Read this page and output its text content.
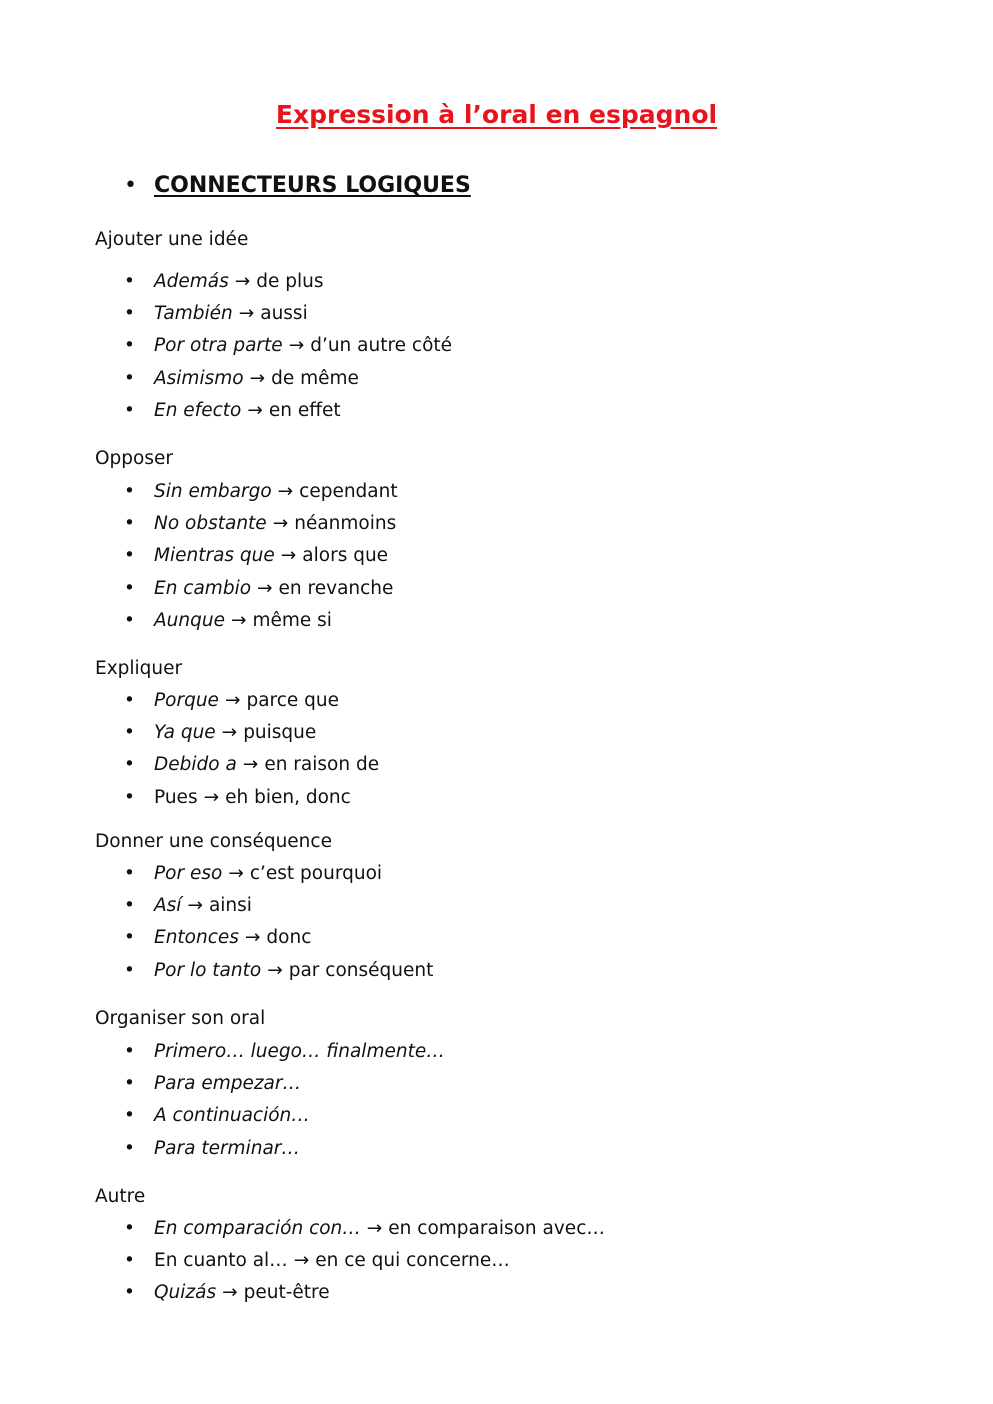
Expression à l’oral en espagnol
• CONNECTEURS LOGIQUES
Ajouter une idée
•	Además → de plus
•	También → aussi
•	Por otra parte → d’un autre côté
•	Asimismo → de même
•	En efecto → en effet
Opposer
•	Sin embargo → cependant
•	No obstante → néanmoins
•	Mientras que → alors que
•	En cambio → en revanche
•	Aunque → même si
Expliquer
•	Porque → parce que
•	Ya que → puisque
•	Debido a → en raison de
•	Pues → eh bien, donc
Donner une conséquence
•	Por eso → c’est pourquoi
•	Así → ainsi
•	Entonces → donc
•	Por lo tanto → par conséquent
Organiser son oral
•	Primero… luego… finalmente…
•	Para empezar…
•	A continuación…
•	Para terminar…
Autre
•	En comparación con… → en comparaison avec…
•	En cuanto al… → en ce qui concerne…
•	Quizás → peut-être
